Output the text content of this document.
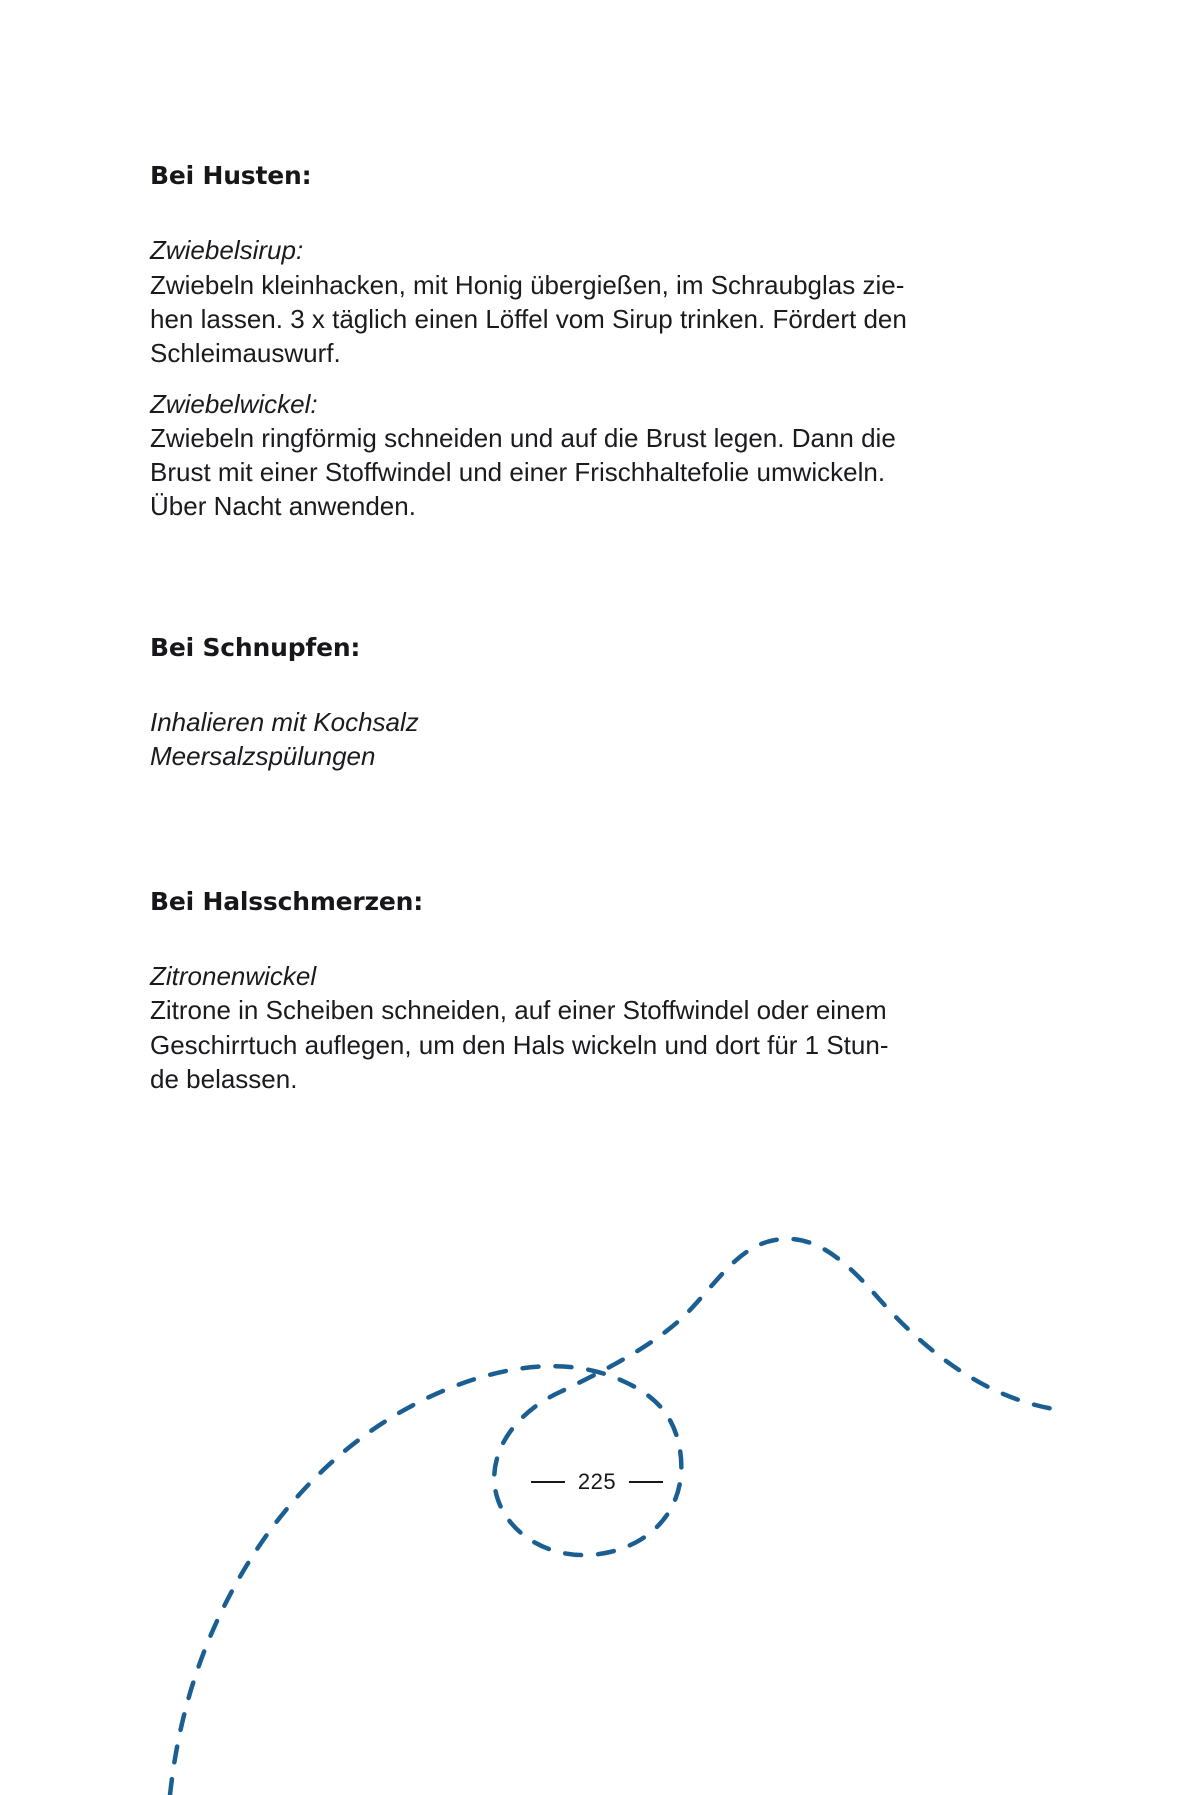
Bei Husten:

Zwiebelsirup:

Zwiebeln kleinhacken, mit Honig übergießen, im Schraubglas zie-

hen lassen. 3 x täglich einen Löffel vom Sirup trinken. Fördert den

Schleimauswurf.

Zwiebelwickel:

Zwiebeln ringförmig schneiden und auf die Brust legen. Dann die

Brust mit einer Stoffwindel und einer Frischhaltefolie umwickeln.

Über Nacht anwenden.

Bei Schnupfen:

Inhalieren mit Kochsalz

Meersalzspülungen

Bei Halsschmerzen:

Zitronenwickel

Zitrone in Scheiben schneiden, auf einer Stoffwindel oder einem

Geschirrtuch auflegen, um den Hals wickeln und dort für 1 Stun-

de belassen.

225
